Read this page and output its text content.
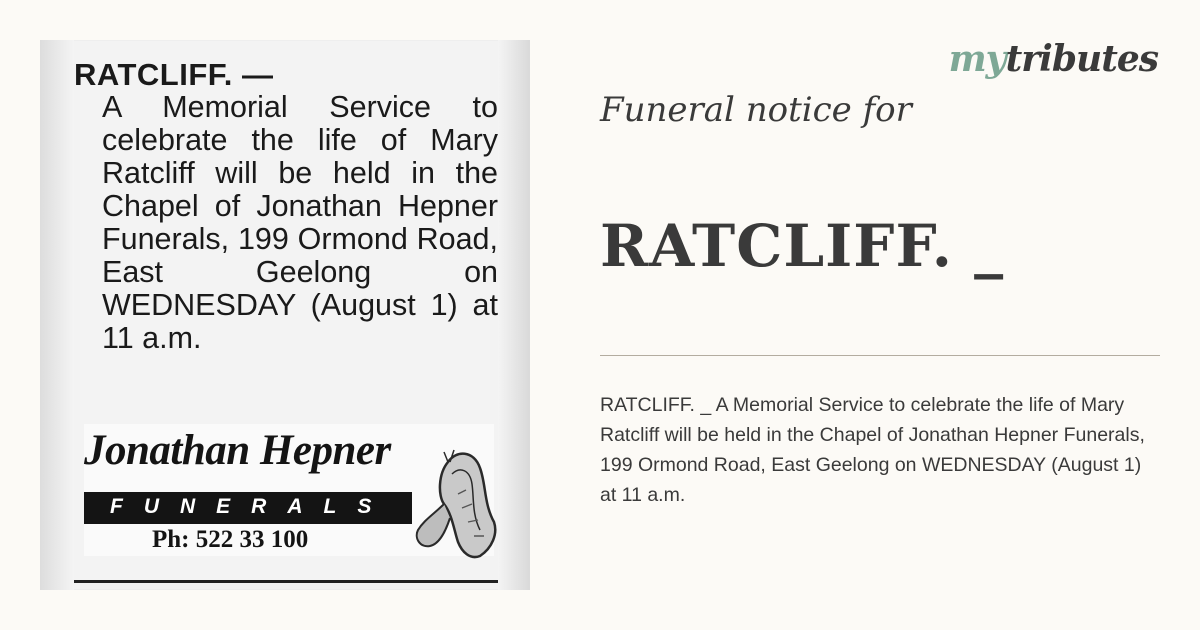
RATCLIFF. —

A Memorial Service to celebrate the life of Mary Ratcliff will be held in the Chapel of Jonathan Hepner Funerals, 199 Ormond Road, East Geelong on WEDNESDAY (August 1) at 11 a.m.

Jonathan Hepner
FUNERALS
Ph: 522 33 100
mytributes
Funeral notice for
RATCLIFF. _
RATCLIFF. _ A Memorial Service to celebrate the life of Mary Ratcliff will be held in the Chapel of Jonathan Hepner Funerals, 199 Ormond Road, East Geelong on WEDNESDAY (August 1) at 11 a.m.
